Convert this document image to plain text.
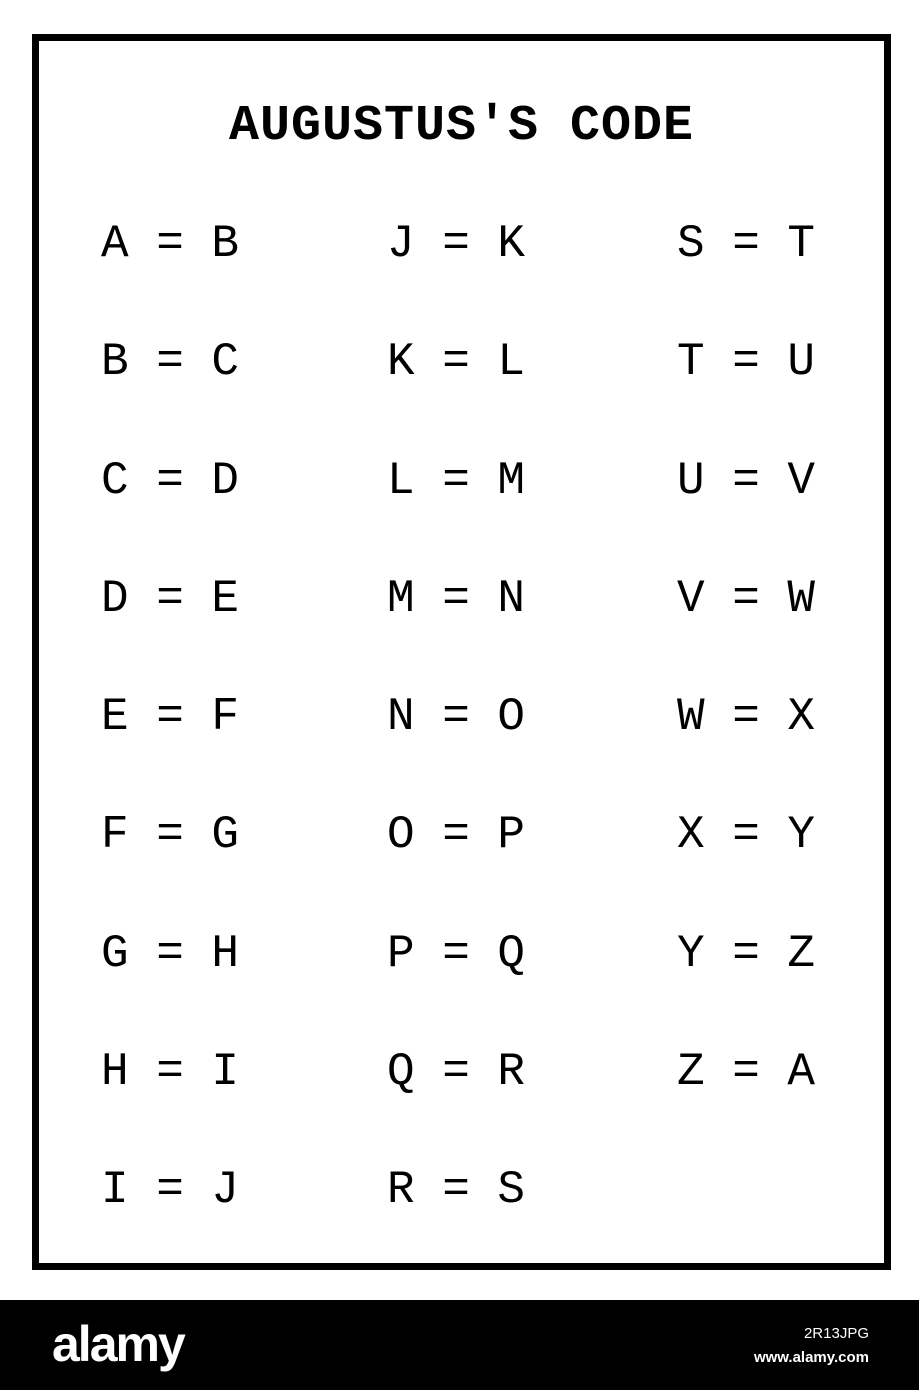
AUGUSTUS'S CODE
A = B
B = C
C = D
D = E
E = F
F = G
G = H
H = I
I = J
J = K
K = L
L = M
M = N
N = O
O = P
P = Q
Q = R
R = S
S = T
T = U
U = V
V = W
W = X
X = Y
Y = Z
Z = A
alamy	2R13JPG
www.alamy.com
